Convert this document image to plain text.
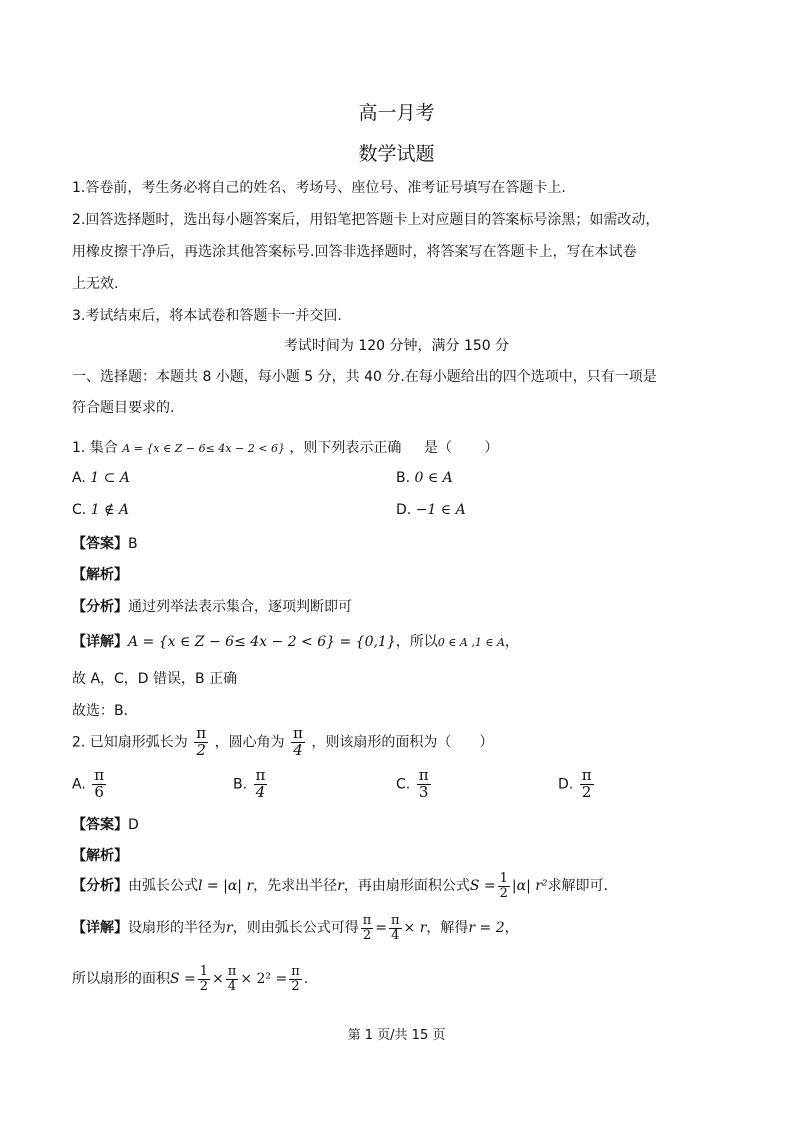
高一月考
数学试题
1.答卷前，考生务必将自己的姓名、考场号、座位号、准考证号填写在答题卡上.
2.回答选择题时，选出每小题答案后，用铅笔把答题卡上对应题目的答案标号涂黑；如需改动，
用橡皮擦干净后，再选涂其他答案标号.回答非选择题时，将答案写在答题卡上，写在本试卷
上无效.
3.考试结束后，将本试卷和答题卡一并交回.
考试时间为 120 分钟，满分 150 分
一、选择题：本题共 8 小题，每小题 5 分，共 40 分.在每小题给出的四个选项中，只有一项是
符合题目要求的.
1. 集合 A = {x ∈ Z − 6≤ 4x − 2 < 6} ，则下列表示正确 是（ ）
A. 1 ⊂ A	B. 0 ∈ A
C. 1 ∉ A	D. −1 ∈ A
【答案】B
【解析】
【分析】通过列举法表示集合，逐项判断即可
【详解】A = {x ∈ Z − 6≤ 4x − 2 < 6} = {0,1}，所以0 ∈ A ,1 ∈ A，
故 A，C，D 错误，B 正确
故选：B.
2. 已知扇形弧长为 $\frac{\pi}{2}$ ，圆心角为 $\frac{\pi}{4}$ ，则该扇形的面积为（ ）
A. $\frac{\pi}{6}$	B. $\frac{\pi}{4}$	C. $\frac{\pi}{3}$	D. $\frac{\pi}{2}$
【答案】D
【解析】
【分析】由弧长公式l = |α| r，先求出半径r，再由扇形面积公式$S = \frac{1}{2} |\alpha|$ r²求解即可.
【详解】设扇形的半径为r，则由弧长公式可得 $\frac{\pi}{2} = \frac{\pi}{4} \times r$，解得r = 2，
所以扇形的面积$S = \frac{1}{2} \times \frac{\pi}{4} \times 2^2 = \frac{\pi}{2}$ .
第 1 页/共 15 页
